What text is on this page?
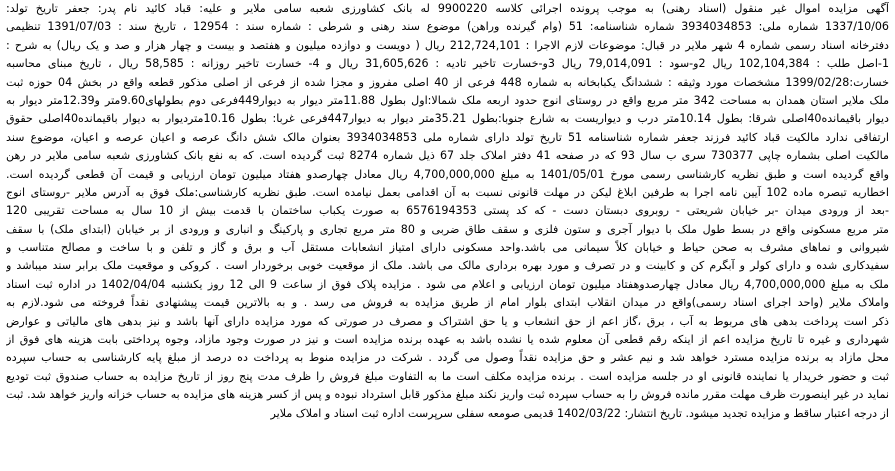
آگهی مزایده اموال غیر منقول (اسناد رهنی) به موجب پرونده اجرائی کلاسه 9900220 له بانک کشاورزی شعبه سامی ملایر و علیه: قباد کائید نام پدر: جعفر تاریخ تولد:
1337/10/06 شماره ملی: 3934034853 شماره شناسنامه: 51 (وام گیرنده وراهن) موضوع سند رهنی و شرطی : شماره سند : 12954 ، تاریخ سند : 1391/07/03 تنظیمی
دفترخانه اسناد رسمی شماره 4 شهر ملایر در قبال: موضوعات لازم الاجرا : 212,724,101 ریال ( دویست و دوازده میلیون و هفتصد و بیست و چهار هزار و صد و یک ریال) به شرح :
1-اصل طلب : 102,104,384 ریال 2و-سود : 79,014,091 ریال 3و-خسارت تاخیر تادیه : 31,605,626 ریال و 4- خسارت تاخیر روزانه : 58,585 ریال ، تاریخ مبنای محاسبه
خسارت:1399/02/28 مشخصات مورد وثیقه : ششدانگ یکبابخانه به شماره 448 فرعی از 40 اصلی مفروز و مجزا شده از فرعی از اصلی مذکور قطعه واقع در بخش 04 حوزه ثبت
ملک ملایر استان همدان به مساحت 342 متر مربع واقع در روستای انوج حدود اربعه ملک شمالا:اول بطول 11.88متر دیوار به دیوار449فرعی دوم بطولهای9.60متر و12.39متر دیوار به
دیوار باقیمانده40اصلی شرقا: بطول 10.14متر درب و دیواریست به شارع جنوبا:بطول 35.21متر دیوار به دیوار447فرعی غربا: بطول 10.16متردیوار به دیوار باقیمانده40اصلی حقوق
ارتفاقی ندارد مالکیت قباد کائید فرزند جعفر شماره شناسنامه 51 تاریخ تولد دارای شماره ملی 3934034853 بعنوان مالک شش دانگ عرصه و اعیان عرصه و اعیان، موضوع سند
مالکیت اصلی بشماره چاپی 730377 سری ب سال 93 که در صفحه 41 دفتر املاک جلد 67 ذیل شماره 8274 ثبت گردیده است. که به نفع بانک کشاورزی شعبه سامی ملایر در رهن
واقع گردیده است و طبق نظریه کارشناسی رسمی مورخ 1401/05/01 به مبلغ 4,700,000,000 ریال معادل چهارصدو هفتاد میلیون تومان ارزیابی و قیمت آن قطعی گردیده است.
اخطاریه تبصره ماده 102 آیین نامه اجرا به طرفین ابلاغ لیکن در مهلت قانونی نسبت به آن اقدامی بعمل نیامده است. طبق نظریه کارشناسی:ملک فوق به آدرس ملایر -روستای انوج
-بعد از ورودی میدان -بر خیابان شریعتی - روبروی دبستان دست - که کد پستی 6576194353 به صورت یکباب ساختمان با قدمت بیش از 10 سال به مساحت تقریبی 120
متر مربع مسکونی واقع در بسط طول ملک با دیوار آجری و ستون فلزی و سقف طاق ضربی و 80 متر مربع تجاری و پارکینگ و انباری و ورودی از بر خیابان (ابتدای ملک) با سقف
شیروانی و نماهای مشرف به صحن حیاط و خیابان کلاً سیمانی می باشد.واحد مسکونی دارای امتیاز انشعابات مستقل آب و برق و گاز و تلفن و با ساخت و مصالح متناسب و
سفیدکاری شده و دارای کولر و آبگرم کن و کابینت و در تصرف و مورد بهره برداری مالک می باشد. ملک از موقعیت خوبی برخوردار است . کروکی و موقعیت ملک برابر سند میباشد و
ملک به مبلغ 4,700,000,000 ریال معادل چهارصدوهفتاد میلیون تومان ارزیابی و اعلام می شود . مزایده پلاک فوق از ساعت 9 الی 12 روز یکشنبه 1402/04/04 در اداره ثبت اسناد
واملاک ملایر (واحد اجرای اسناد رسمی)واقع در میدان انقلاب ابتدای بلوار امام از طریق مزایده به فروش می رسد . و به بالاترین قیمت پیشنهادی نقداً فروخته می شود.لازم به
ذکر است پرداخت بدهی های مربوط به آب ، برق ،گاز اعم از حق انشعاب و یا حق اشتراک و مصرف در صورتی که مورد مزایده دارای آنها باشد و نیز بدهی های مالیاتی و عوارض
شهرداری و غیره تا تاریخ مزایده اعم از اینکه رقم قطعی آن معلوم شده یا نشده باشد به عهده برنده مزایده است و نیز در صورت وجود مازاد، وجوه پرداختی بابت هزینه های فوق از
محل مازاد به برنده مزایده مسترد خواهد شد و نیم عشر و حق مزایده نقداً وصول می گردد . شرکت در مزایده منوط به پرداخت ده درصد از مبلغ پایه کارشناسی به حساب سپرده
ثبت و حضور خریدار یا نماینده قانونی او در جلسه مزایده است . برنده مزایده مکلف است ما به التفاوت مبلغ فروش را ظرف مدت پنج روز از تاریخ مزایده به حساب صندوق ثبت تودیع
نماید در غیر اینصورت ظرف مهلت مقرر مانده فروش را به حساب سپرده ثبت واریز نکند مبلغ مذکور قابل استرداد نبوده و پس از کسر هزینه های مزایده به حساب خزانه واریز خواهد شد. ثبت
از درجه اعتبار ساقط و مزایده تجدید میشود. تاریخ انتشار: 1402/03/22 قدیمی صومعه سفلی سرپرست اداره ثبت اسناد و املاک ملایر
